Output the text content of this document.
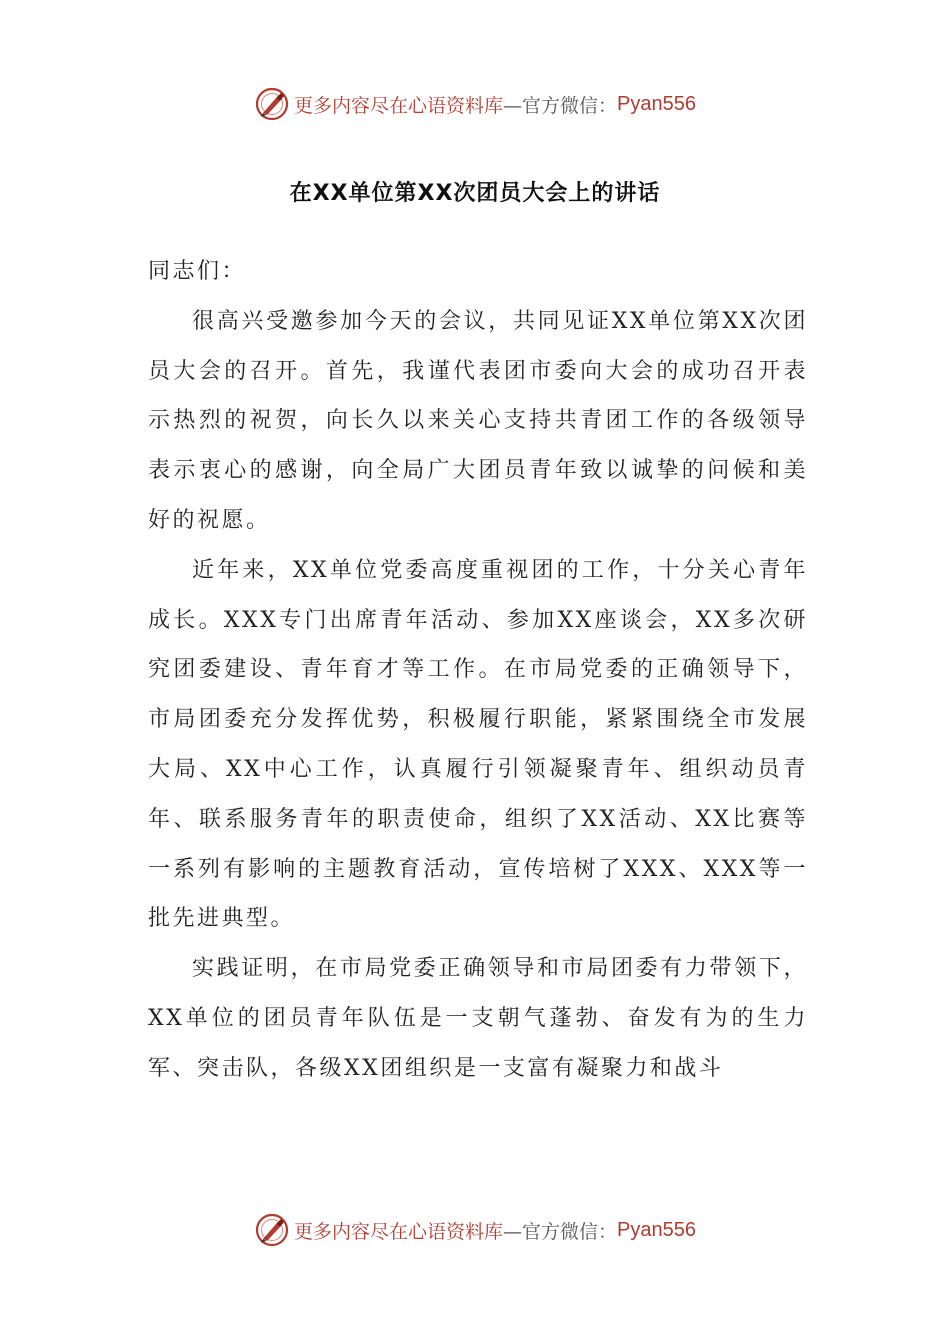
更多内容尽在心语资料库 —官方微信： Pyan556
在XX单位第XX次团员大会上的讲话

同志们：

很高兴受邀参加今天的会议，共同见证XX单位第XX次团员大会的召开。首先，我谨代表团市委向大会的成功召开表示热烈的祝贺，向长久以来关心支持共青团工作的各级领导表示衷心的感谢，向全局广大团员青年致以诚挚的问候和美好的祝愿。

近年来，XX单位党委高度重视团的工作，十分关心青年成长。XXX专门出席青年活动、参加XX座谈会，XX多次研究团委建设、青年育才等工作。在市局党委的正确领导下，市局团委充分发挥优势，积极履行职能，紧紧围绕全市发展大局、XX中心工作，认真履行引领凝聚青年、组织动员青年、联系服务青年的职责使命，组织了XX活动、XX比赛等一系列有影响的主题教育活动，宣传培树了XXX、XXX等一批先进典型。

实践证明，在市局党委正确领导和市局团委有力带领下，XX单位的团员青年队伍是一支朝气蓬勃、奋发有为的生力军、突击队，各级XX团组织是一支富有凝聚力和战斗

更多内容尽在心语资料库 —官方微信： Pyan556
